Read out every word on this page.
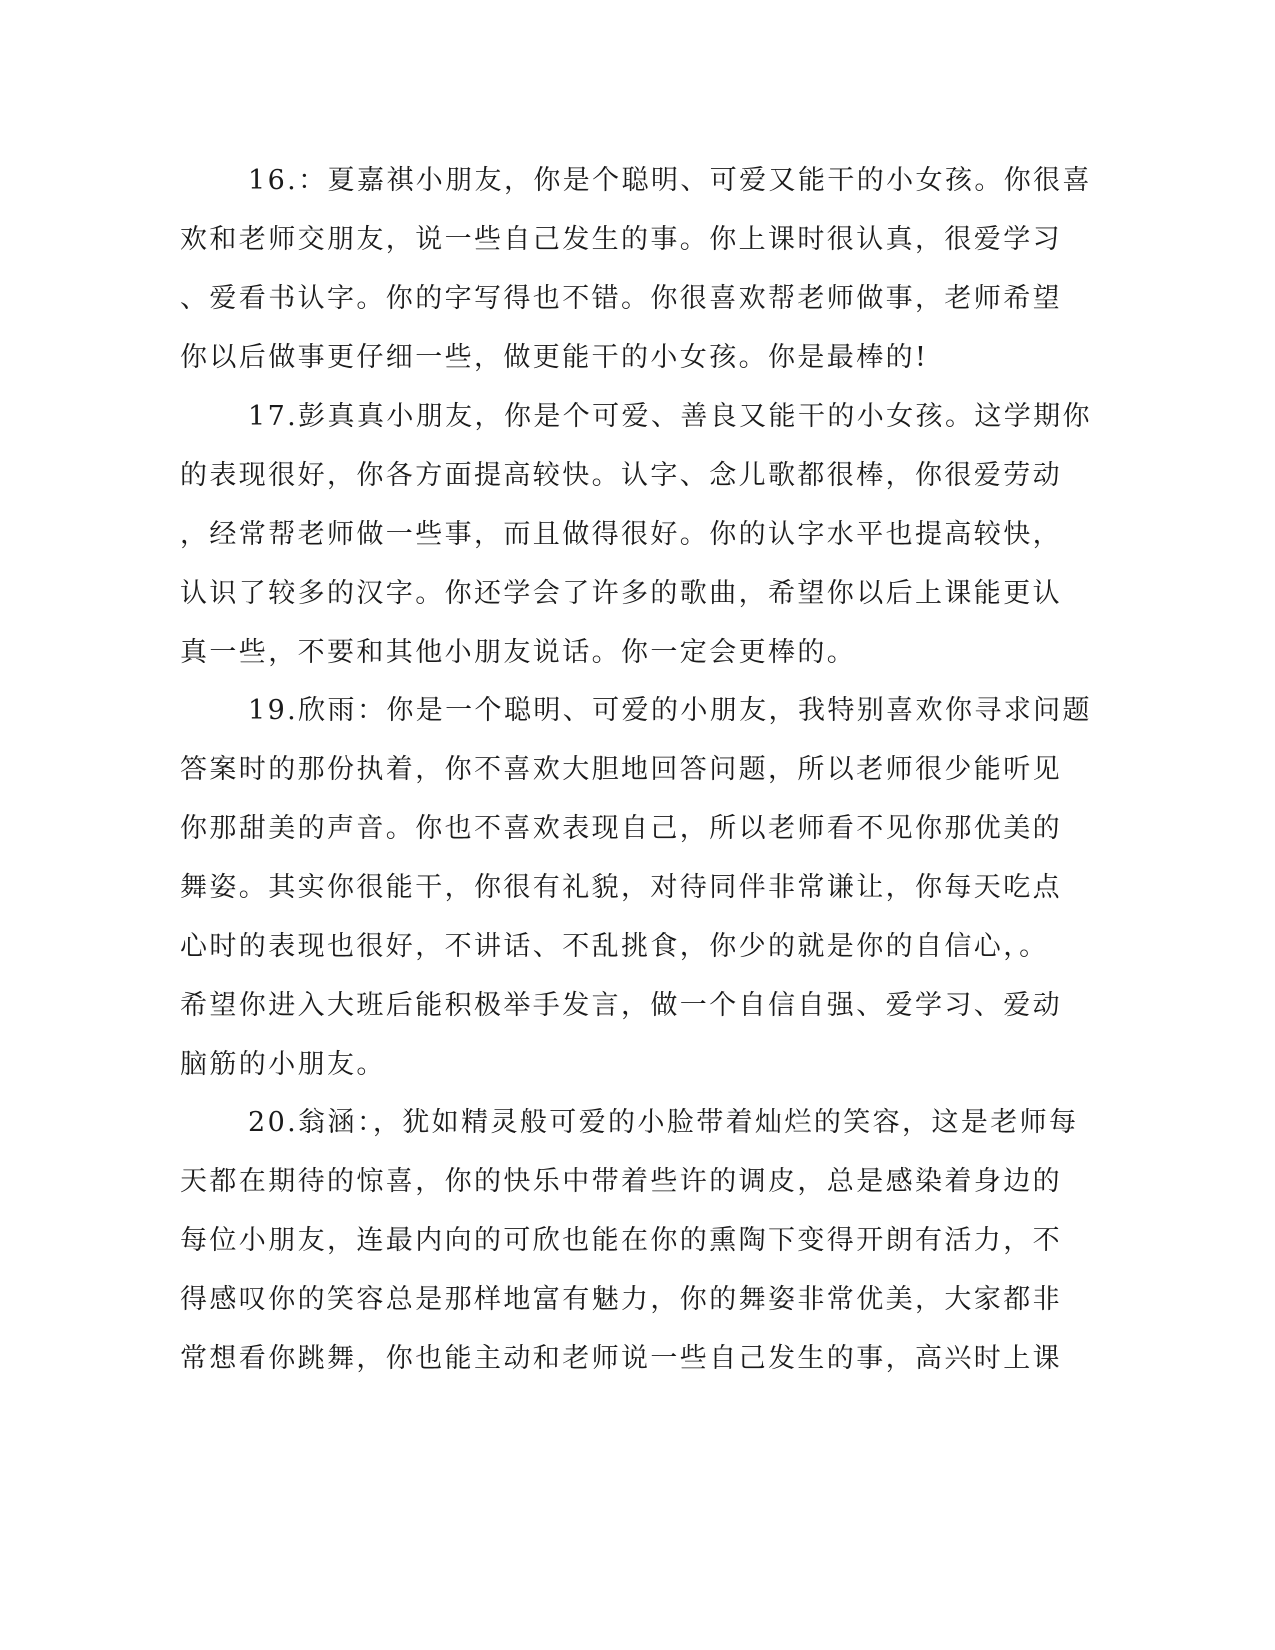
16.：夏嘉祺小朋友，你是个聪明、可爱又能干的小女孩。你很喜
欢和老师交朋友，说一些自己发生的事。你上课时很认真，很爱学习
、爱看书认字。你的字写得也不错。你很喜欢帮老师做事，老师希望
你以后做事更仔细一些，做更能干的小女孩。你是最棒的!
17.彭真真小朋友，你是个可爱、善良又能干的小女孩。这学期你
的表现很好，你各方面提高较快。认字、念儿歌都很棒，你很爱劳动
，经常帮老师做一些事，而且做得很好。你的认字水平也提高较快，
认识了较多的汉字。你还学会了许多的歌曲，希望你以后上课能更认
真一些，不要和其他小朋友说话。你一定会更棒的。
19.欣雨：你是一个聪明、可爱的小朋友，我特别喜欢你寻求问题
答案时的那份执着，你不喜欢大胆地回答问题，所以老师很少能听见
你那甜美的声音。你也不喜欢表现自己，所以老师看不见你那优美的
舞姿。其实你很能干，你很有礼貌，对待同伴非常谦让，你每天吃点
心时的表现也很好，不讲话、不乱挑食，你少的就是你的自信心，。
希望你进入大班后能积极举手发言，做一个自信自强、爱学习、爱动
脑筋的小朋友。
20.翁涵：，犹如精灵般可爱的小脸带着灿烂的笑容，这是老师每
天都在期待的惊喜，你的快乐中带着些许的调皮，总是感染着身边的
每位小朋友，连最内向的可欣也能在你的熏陶下变得开朗有活力，不
得感叹你的笑容总是那样地富有魅力，你的舞姿非常优美，大家都非
常想看你跳舞，你也能主动和老师说一些自己发生的事，高兴时上课
